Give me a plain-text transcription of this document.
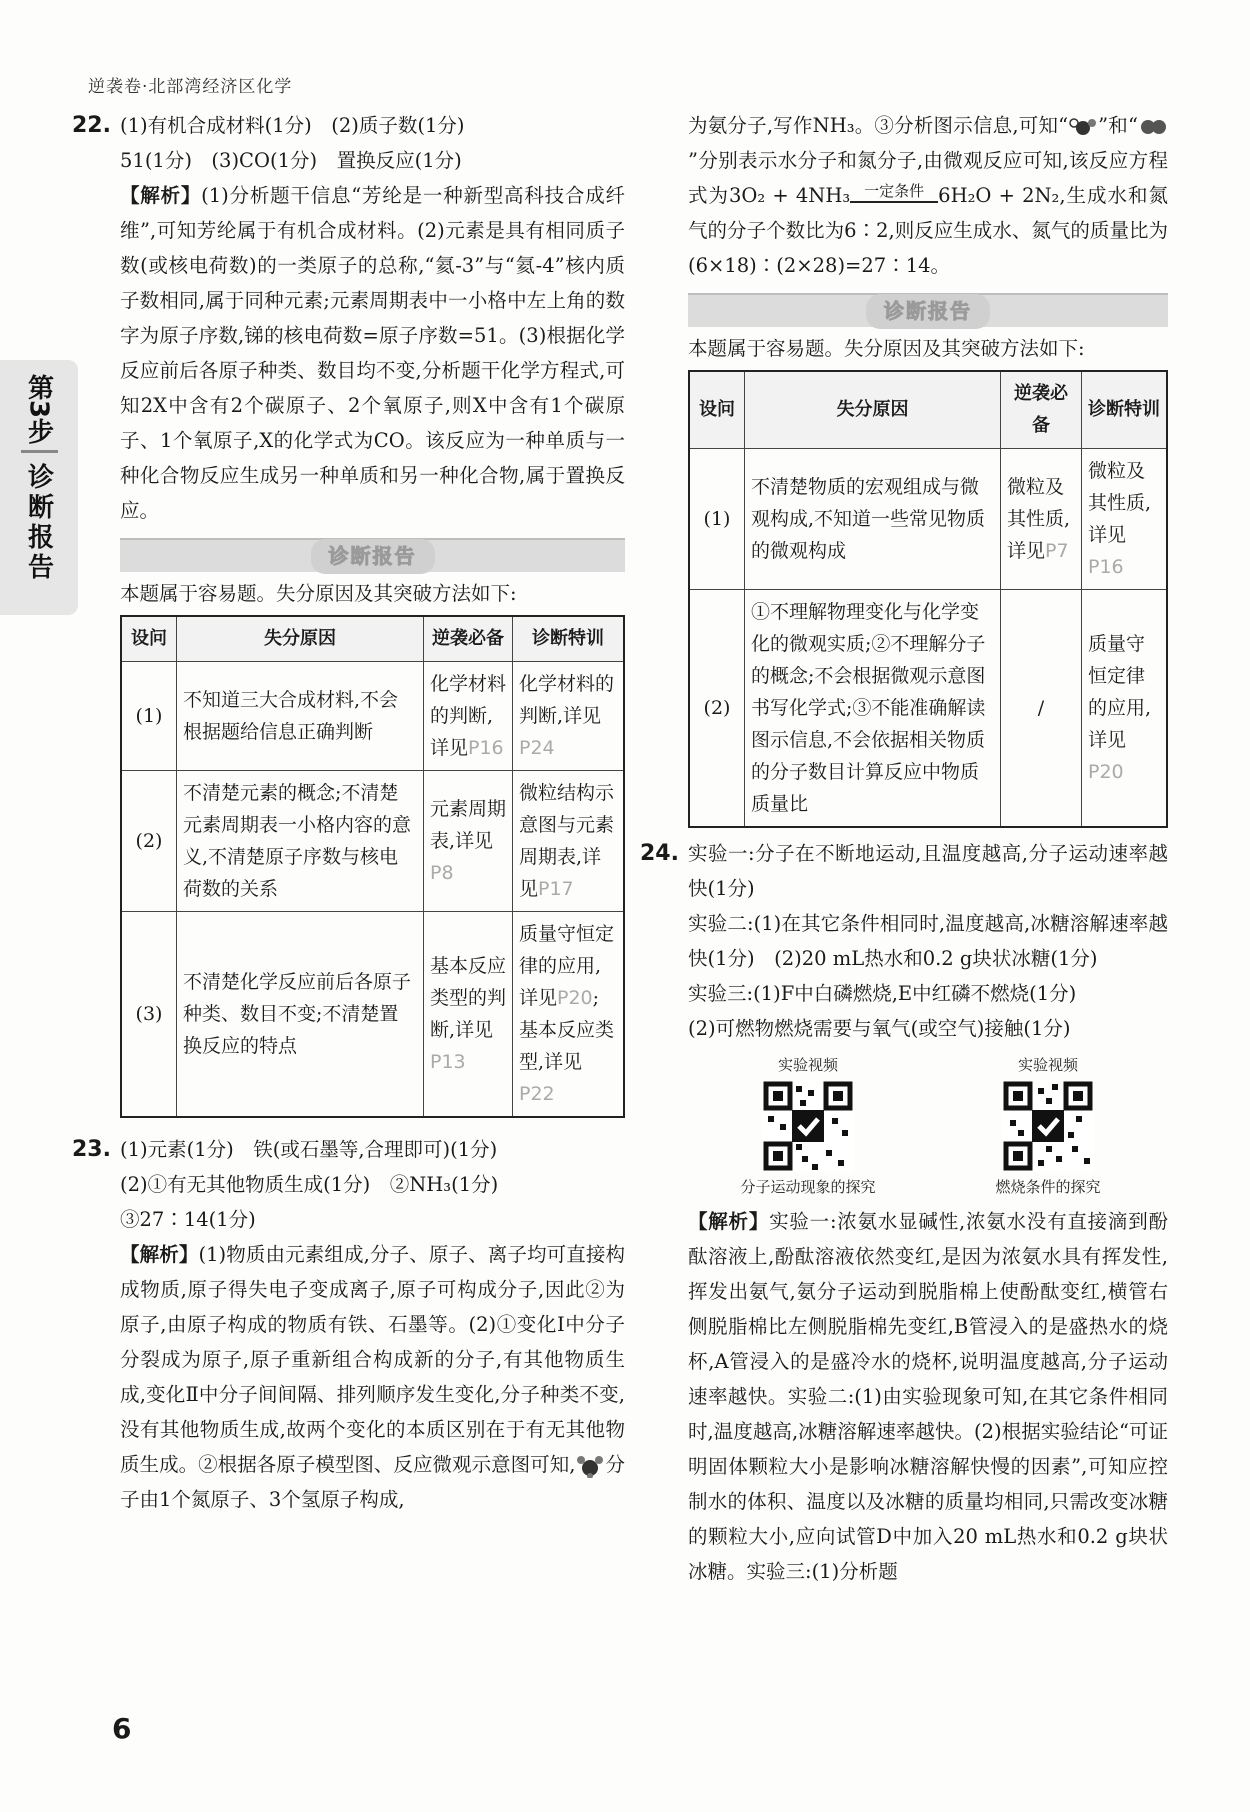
逆袭卷·北部湾经济区化学
第3步
诊断报告
22. (1)有机合成材料(1分)　(2)质子数(1分)

51(1分)　(3)CO(1分)　置换反应(1分)

【解析】(1)分析题干信息“芳纶是一种新型高科技合成纤维”,可知芳纶属于有机合成材料。(2)元素是具有相同质子数(或核电荷数)的一类原子的总称,“氦-3”与“氦-4”核内质子数相同,属于同种元素;元素周期表中一小格中左上角的数字为原子序数,锑的核电荷数=原子序数=51。(3)根据化学反应前后各原子种类、数目均不变,分析题干化学方程式,可知2X中含有2个碳原子、2个氧原子,则X中含有1个碳原子、1个氧原子,X的化学式为CO。该反应为一种单质与一种化合物反应生成另一种单质和另一种化合物,属于置换反应。

诊断报告

本题属于容易题。失分原因及其突破方法如下:

设问	失分原因	逆袭必备	诊断特训
(1)	不知道三大合成材料,不会根据题给信息正确判断	化学材料的判断,详见P16	化学材料的判断,详见P24
(2)	不清楚元素的概念;不清楚元素周期表一小格内容的意义,不清楚原子序数与核电荷数的关系	元素周期表,详见P8	微粒结构示意图与元素周期表,详见P17
(3)	不清楚化学反应前后各原子种类、数目不变;不清楚置换反应的特点	基本反应类型的判断,详见P13	质量守恒定律的应用,详见P20;基本反应类型,详见P22
23. (1)元素(1分)　铁(或石墨等,合理即可)(1分)

(2)①有无其他物质生成(1分)　②NH₃(1分)

③27∶14(1分)

【解析】(1)物质由元素组成,分子、原子、离子均可直接构成物质,原子得失电子变成离子,原子可构成分子,因此②为原子,由原子构成的物质有铁、石墨等。(2)①变化Ⅰ中分子分裂成为原子,原子重新组合构成新的分子,有其他物质生成,变化Ⅱ中分子间间隔、排列顺序发生变化,分子种类不变,没有其他物质生成,故两个变化的本质区别在于有无其他物质生成。②根据各原子模型图、反应微观示意图可知, 分子由1个氮原子、3个氢原子构成,

为氨分子,写作NH₃。③分析图示信息,可知“ ”和“”分别表示水分子和氮分子,由微观反应可知,该反应方程式为3O₂ + 4NH₃ 一定条件 6H₂O + 2N₂,生成水和氮气的分子个数比为6∶2,则反应生成水、氮气的质量比为(6×18)∶(2×28)=27∶14。

诊断报告

本题属于容易题。失分原因及其突破方法如下:

设问	失分原因	逆袭必备	诊断特训
(1)	不清楚物质的宏观组成与微观构成,不知道一些常见物质的微观构成	微粒及其性质,详见P7	微粒及其性质,详见P16
(2)	①不理解物理变化与化学变化的微观实质;②不理解分子的概念;不会根据微观示意图书写化学式;③不能准确解读图示信息,不会依据相关物质的分子数目计算反应中物质质量比	/	质量守恒定律的应用,详见P20
24. 实验一:分子在不断地运动,且温度越高,分子运动速率越快(1分)

实验二:(1)在其它条件相同时,温度越高,冰糖溶解速率越快(1分)　(2)20 mL热水和0.2 g块状冰糖(1分)

实验三:(1)F中白磷燃烧,E中红磷不燃烧(1分)

(2)可燃物燃烧需要与氧气(或空气)接触(1分)

实验视频
分子运动现象的探究
实验视频
燃烧条件的探究

【解析】实验一:浓氨水显碱性,浓氨水没有直接滴到酚酞溶液上,酚酞溶液依然变红,是因为浓氨水具有挥发性,挥发出氨气,氨分子运动到脱脂棉上使酚酞变红,横管右侧脱脂棉比左侧脱脂棉先变红,B管浸入的是盛热水的烧杯,A管浸入的是盛冷水的烧杯,说明温度越高,分子运动速率越快。实验二:(1)由实验现象可知,在其它条件相同时,温度越高,冰糖溶解速率越快。(2)根据实验结论“可证明固体颗粒大小是影响冰糖溶解快慢的因素”,可知应控制水的体积、温度以及冰糖的质量均相同,只需改变冰糖的颗粒大小,应向试管D中加入20 mL热水和0.2 g块状冰糖。实验三:(1)分析题

6
